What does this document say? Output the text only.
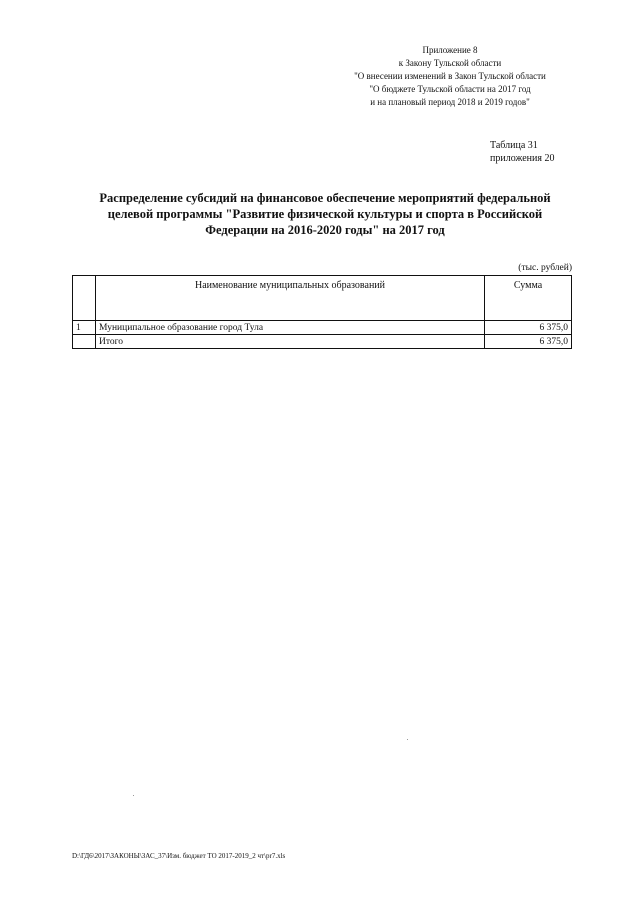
Приложение 8
к Закону Тульской области
"О внесении изменений в Закон Тульской области
"О бюджете Тульской области на 2017 год
и на плановый период 2018 и 2019 годов"
Таблица 31
приложения 20
Распределение субсидий на финансовое обеспечение мероприятий федеральной
целевой программы "Развитие физической культуры и спорта в Российской
Федерации на 2016-2020 годы" на 2017 год
(тыс. рублей)
	Наименование муниципальных образований	Сумма
1	Муниципальное образование город Тула	6 375,0
	Итого	6 375,0
D:\ГД6\2017\ЗАКОНЫ\ЗАС_37\Изм. бюджет ТО 2017-2019_2 чт\pr7.xls
